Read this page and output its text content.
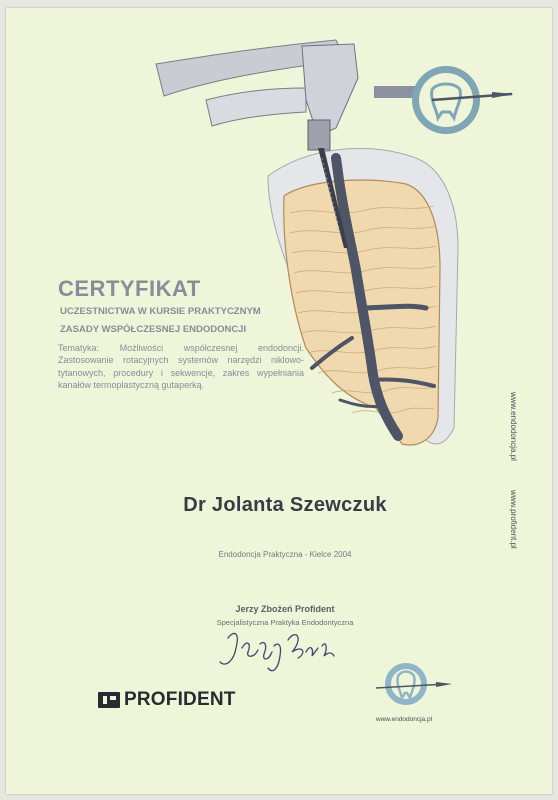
CERTYFIKAT
UCZESTNICTWA W KURSIE PRAKTYCZNYM
ZASADY WSPÓŁCZESNEJ ENDODONCJI

Tematyka: Możliwości współczesnej endodoncji. Zastosowanie rotacyjnych systemów narzędzi niklowo-tytanowych, procedury i sekwencje, zakres wypełniania kanałów termoplastyczną gutaperką.

Dr Jolanta Szewczuk
Endodoncja Praktyczna - Kielce 2004
Jerzy Zbożeń Profident
Specjalistyczna Praktyka Endodontyczna
www.endodoncja.pl
www.profident.pl
PROFIDENT
www.endodoncja.pl
